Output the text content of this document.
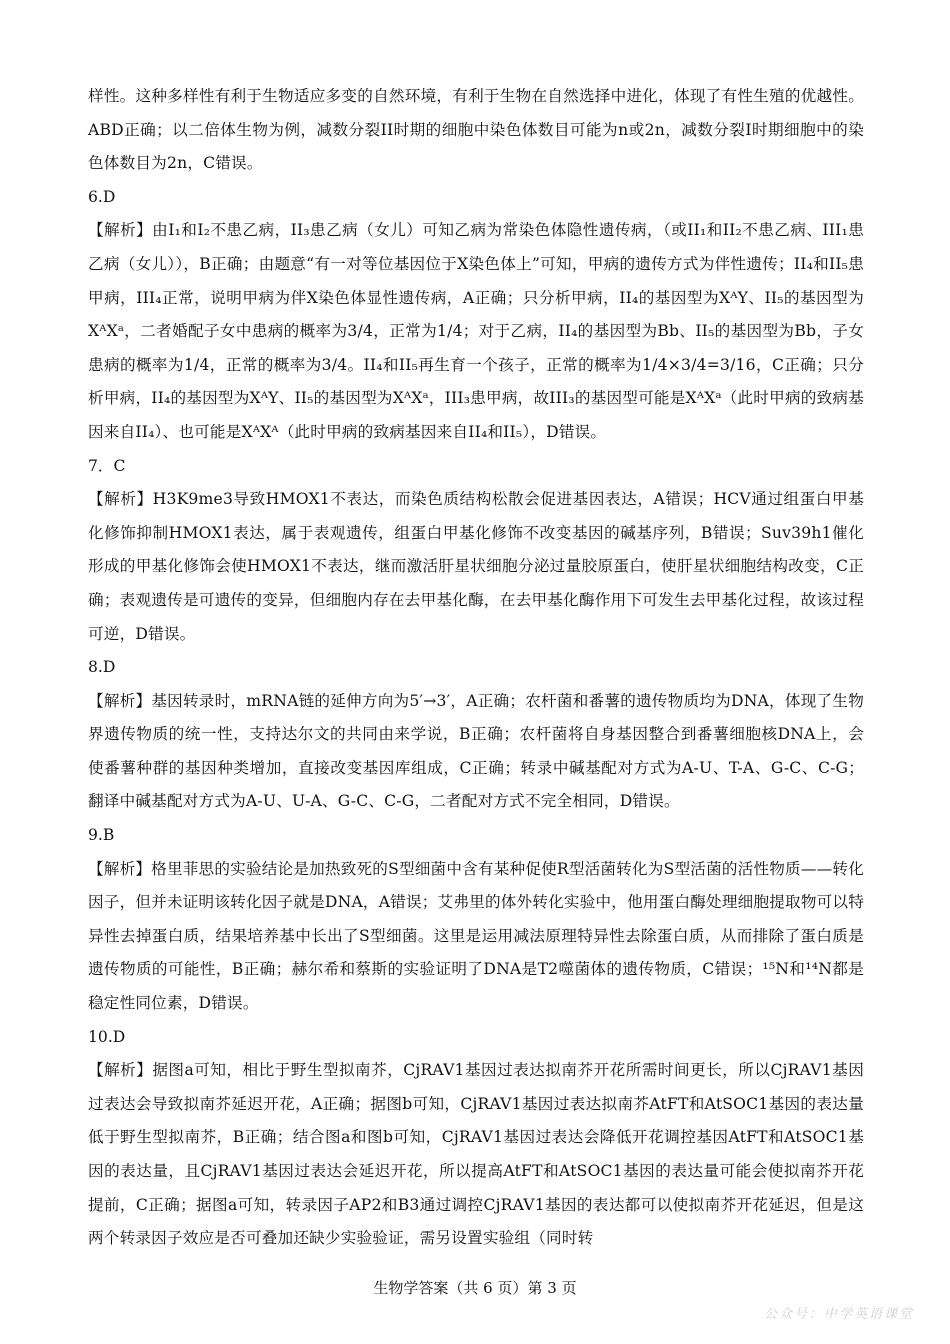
样性。这种多样性有利于生物适应多变的自然环境，有利于生物在自然选择中进化，体现了有性生殖的优越性。ABD正确；以二倍体生物为例，减数分裂II时期的细胞中染色体数目可能为n或2n，减数分裂I时期细胞中的染色体数目为2n，C错误。

6.D

【解析】由I₁和I₂不患乙病，II₃患乙病（女儿）可知乙病为常染色体隐性遗传病，（或II₁和II₂不患乙病、III₁患乙病（女儿）），B正确；由题意“有一对等位基因位于X染色体上”可知，甲病的遗传方式为伴性遗传；II₄和II₅患甲病，III₄正常，说明甲病为伴X染色体显性遗传病，A正确；只分析甲病，II₄的基因型为XᴬY、II₅的基因型为XᴬXᵃ，二者婚配子女中患病的概率为3/4，正常为1/4；对于乙病，II₄的基因型为Bb、II₅的基因型为Bb，子女患病的概率为1/4，正常的概率为3/4。II₄和II₅再生育一个孩子，正常的概率为1/4×3/4=3/16，C正确；只分析甲病，II₄的基因型为XᴬY、II₅的基因型为XᴬXᵃ，III₃患甲病，故III₃的基因型可能是XᴬXᵃ（此时甲病的致病基因来自II₄）、也可能是XᴬXᴬ（此时甲病的致病基因来自II₄和II₅），D错误。

7．C

【解析】H3K9me3导致HMOX1不表达，而染色质结构松散会促进基因表达，A错误；HCV通过组蛋白甲基化修饰抑制HMOX1表达，属于表观遗传，组蛋白甲基化修饰不改变基因的碱基序列，B错误；Suv39h1催化形成的甲基化修饰会使HMOX1不表达，继而激活肝星状细胞分泌过量胶原蛋白，使肝星状细胞结构改变，C正确；表观遗传是可遗传的变异，但细胞内存在去甲基化酶，在去甲基化酶作用下可发生去甲基化过程，故该过程可逆，D错误。

8.D

【解析】基因转录时，mRNA链的延伸方向为5′→3′，A正确；农杆菌和番薯的遗传物质均为DNA，体现了生物界遗传物质的统一性，支持达尔文的共同由来学说，B正确；农杆菌将自身基因整合到番薯细胞核DNA上，会使番薯种群的基因种类增加，直接改变基因库组成，C正确；转录中碱基配对方式为A-U、T-A、G-C、C-G；翻译中碱基配对方式为A-U、U-A、G-C、C-G，二者配对方式不完全相同，D错误。

9.B

【解析】格里菲思的实验结论是加热致死的S型细菌中含有某种促使R型活菌转化为S型活菌的活性物质——转化因子，但并未证明该转化因子就是DNA，A错误；艾弗里的体外转化实验中，他用蛋白酶处理细胞提取物可以特异性去掉蛋白质，结果培养基中长出了S型细菌。这里是运用减法原理特异性去除蛋白质，从而排除了蛋白质是遗传物质的可能性，B正确；赫尔希和蔡斯的实验证明了DNA是T2噬菌体的遗传物质，C错误；¹⁵N和¹⁴N都是稳定性同位素，D错误。

10.D

【解析】据图a可知，相比于野生型拟南芥，CjRAV1基因过表达拟南芥开花所需时间更长，所以CjRAV1基因过表达会导致拟南芥延迟开花，A正确；据图b可知，CjRAV1基因过表达拟南芥AtFT和AtSOC1基因的表达量低于野生型拟南芥，B正确；结合图a和图b可知，CjRAV1基因过表达会降低开花调控基因AtFT和AtSOC1基因的表达量，且CjRAV1基因过表达会延迟开花，所以提高AtFT和AtSOC1基因的表达量可能会使拟南芥开花提前，C正确；据图a可知，转录因子AP2和B3通过调控CjRAV1基因的表达都可以使拟南芥开花延迟，但是这两个转录因子效应是否可叠加还缺少实验验证，需另设置实验组（同时转

生物学答案（共 6 页）第 3 页
公众号：中学英语课堂
